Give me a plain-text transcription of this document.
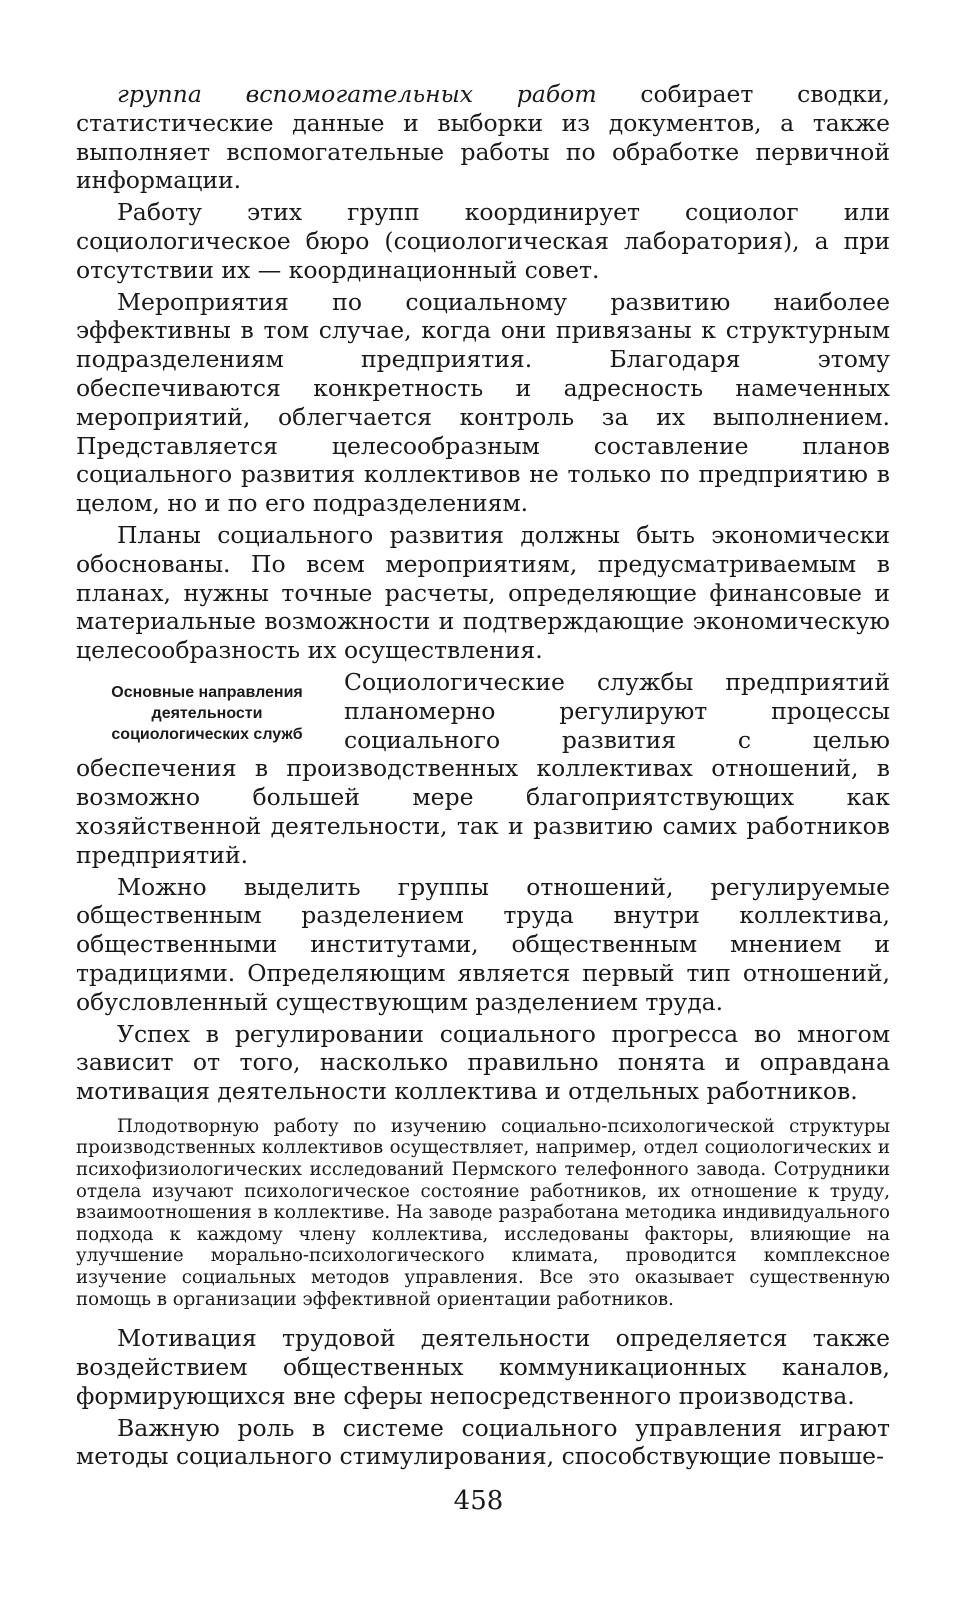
группа вспомогательных работ собирает сводки, статистические данные и выборки из документов, а также выполняет вспомогательные работы по обработке первичной информации.

Работу этих групп координирует социолог или социологическое бюро (социологическая лаборатория), а при отсутствии их — координационный совет.

Мероприятия по социальному развитию наиболее эффективны в том случае, когда они привязаны к структурным подразделениям предприятия. Благодаря этому обеспечиваются конкретность и адресность намеченных мероприятий, облегчается контроль за их выполнением. Представляется целесообразным составление планов социального развития коллективов не только по предприятию в целом, но и по его подразделениям.

Планы социального развития должны быть экономически обоснованы. По всем мероприятиям, предусматриваемым в планах, нужны точные расчеты, определяющие финансовые и материальные возможности и подтверждающие экономическую целесообразность их осуществления.

Основные направления
деятельности
социологических служб

Социологические службы предприятий планомерно регулируют процессы социального развития с целью обеспечения в производственных коллективах отношений, в возможно большей мере благоприятствующих как хозяйственной деятельности, так и развитию самих работников предприятий.

Можно выделить группы отношений, регулируемые общественным разделением труда внутри коллектива, общественными институтами, общественным мнением и традициями. Определяющим является первый тип отношений, обусловленный существующим разделением труда.

Успех в регулировании социального прогресса во многом зависит от того, насколько правильно понята и оправдана мотивация деятельности коллектива и отдельных работников.

Плодотворную работу по изучению социально-психологической структуры производственных коллективов осуществляет, например, отдел социологических и психофизиологических исследований Пермского телефонного завода. Сотрудники отдела изучают психологическое состояние работников, их отношение к труду, взаимоотношения в коллективе. На заводе разработана методика индивидуального подхода к каждому члену коллектива, исследованы факторы, влияющие на улучшение морально-психологического климата, проводится комплексное изучение социальных методов управления. Все это оказывает существенную помощь в организации эффективной ориентации работников.

Мотивация трудовой деятельности определяется также воздействием общественных коммуникационных каналов, формирующихся вне сферы непосредственного производства.

Важную роль в системе социального управления играют методы социального стимулирования, способствующие повыше-

458
